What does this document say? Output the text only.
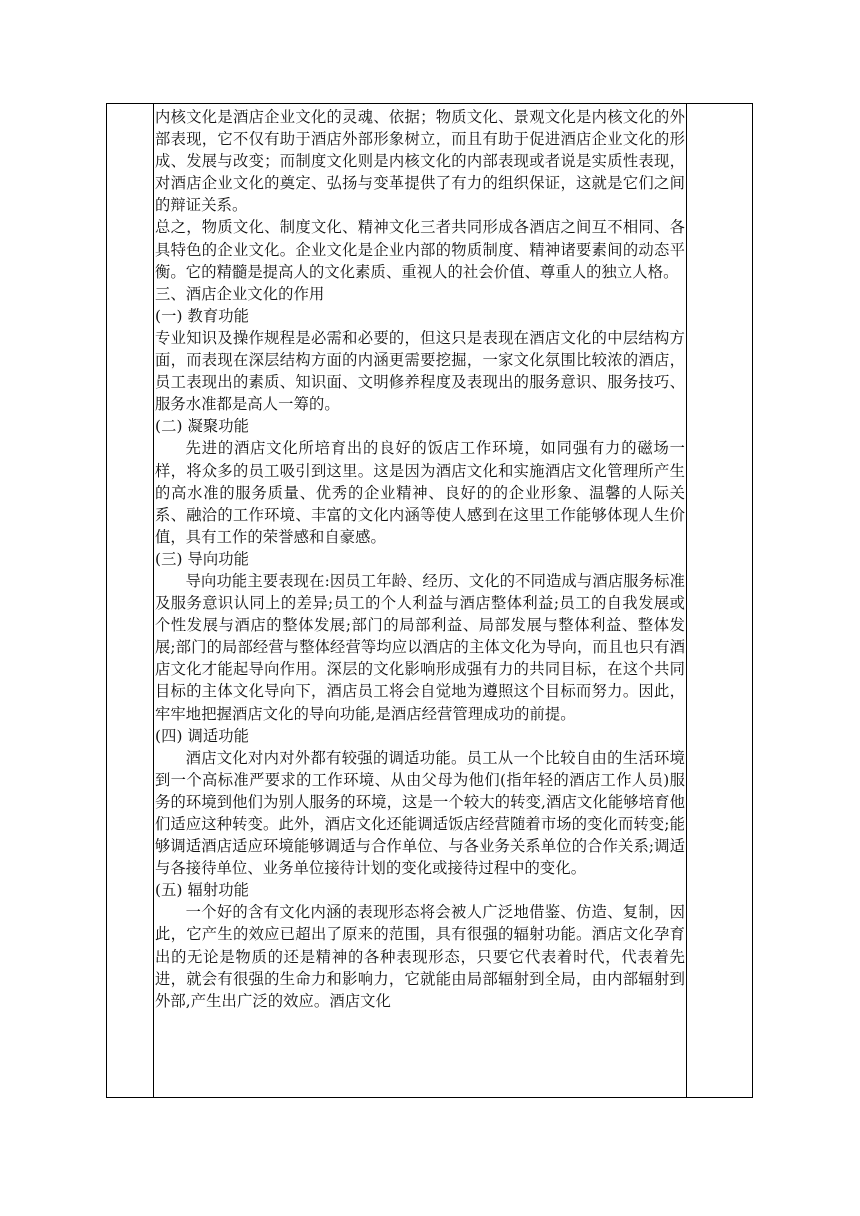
内核文化是酒店企业文化的灵魂、依据；物质文化、景观文化是内核文化的外部表现，它不仅有助于酒店外部形象树立，而且有助于促进酒店企业文化的形成、发展与改变；而制度文化则是内核文化的内部表现或者说是实质性表现，对酒店企业文化的奠定、弘扬与变革提供了有力的组织保证，这就是它们之间的辩证关系。

总之，物质文化、制度文化、精神文化三者共同形成各酒店之间互不相同、各具特色的企业文化。企业文化是企业内部的物质制度、精神诸要素间的动态平衡。它的精髓是提高人的文化素质、重视人的社会价值、尊重人的独立人格。

三、酒店企业文化的作用
(一) 教育功能

专业知识及操作规程是必需和必要的，但这只是表现在酒店文化的中层结构方面，而表现在深层结构方面的内涵更需要挖掘，一家文化氛围比较浓的酒店，员工表现出的素质、知识面、文明修养程度及表现出的服务意识、服务技巧、服务水准都是高人一筹的。

(二) 凝聚功能

先进的酒店文化所培育出的良好的饭店工作环境，如同强有力的磁场一样，将众多的员工吸引到这里。这是因为酒店文化和实施酒店文化管理所产生的高水准的服务质量、优秀的企业精神、良好的的企业形象、温馨的人际关系、融洽的工作环境、丰富的文化内涵等使人感到在这里工作能够体现人生价值，具有工作的荣誉感和自豪感。

(三) 导向功能

导向功能主要表现在:因员工年龄、经历、文化的不同造成与酒店服务标准及服务意识认同上的差异;员工的个人利益与酒店整体利益;员工的自我发展或个性发展与酒店的整体发展;部门的局部利益、局部发展与整体利益、整体发展;部门的局部经营与整体经营等均应以酒店的主体文化为导向，而且也只有酒店文化才能起导向作用。深层的文化影响形成强有力的共同目标，在这个共同目标的主体文化导向下，酒店员工将会自觉地为遵照这个目标而努力。因此，牢牢地把握酒店文化的导向功能,是酒店经营管理成功的前提。

(四) 调适功能

酒店文化对内对外都有较强的调适功能。员工从一个比较自由的生活环境到一个高标准严要求的工作环境、从由父母为他们(指年轻的酒店工作人员)服务的环境到他们为别人服务的环境，这是一个较大的转变,酒店文化能够培育他们适应这种转变。此外，酒店文化还能调适饭店经营随着市场的变化而转变;能够调适酒店适应环境能够调适与合作单位、与各业务关系单位的合作关系;调适与各接待单位、业务单位接待计划的变化或接待过程中的变化。

(五) 辐射功能

一个好的含有文化内涵的表现形态将会被人广泛地借鉴、仿造、复制，因此，它产生的效应已超出了原来的范围，具有很强的辐射功能。酒店文化孕育出的无论是物质的还是精神的各种表现形态，只要它代表着时代，代表着先进，就会有很强的生命力和影响力，它就能由局部辐射到全局，由内部辐射到外部,产生出广泛的效应。酒店文化
